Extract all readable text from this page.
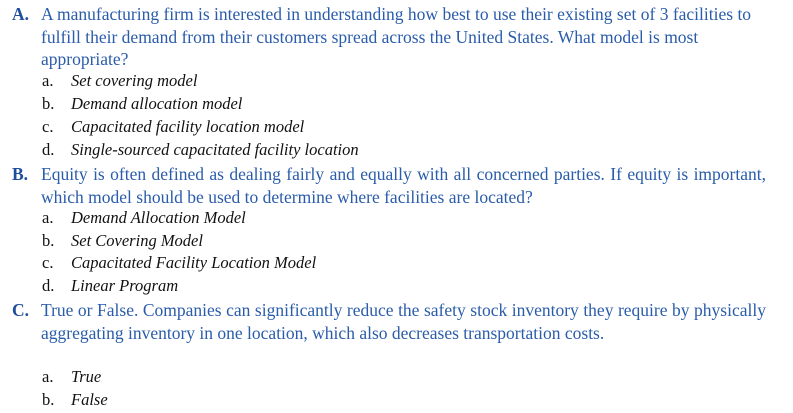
A. A manufacturing firm is interested in understanding how best to use their existing set of 3 facilities to fulfill their demand from their customers spread across the United States. What model is most appropriate?
a. Set covering model
b. Demand allocation model
c. Capacitated facility location model
d. Single-sourced capacitated facility location
B. Equity is often defined as dealing fairly and equally with all concerned parties. If equity is important, which model should be used to determine where facilities are located?
a. Demand Allocation Model
b. Set Covering Model
c. Capacitated Facility Location Model
d. Linear Program
C. True or False. Companies can significantly reduce the safety stock inventory they require by physically aggregating inventory in one location, which also decreases transportation costs.
a. True
b. False
